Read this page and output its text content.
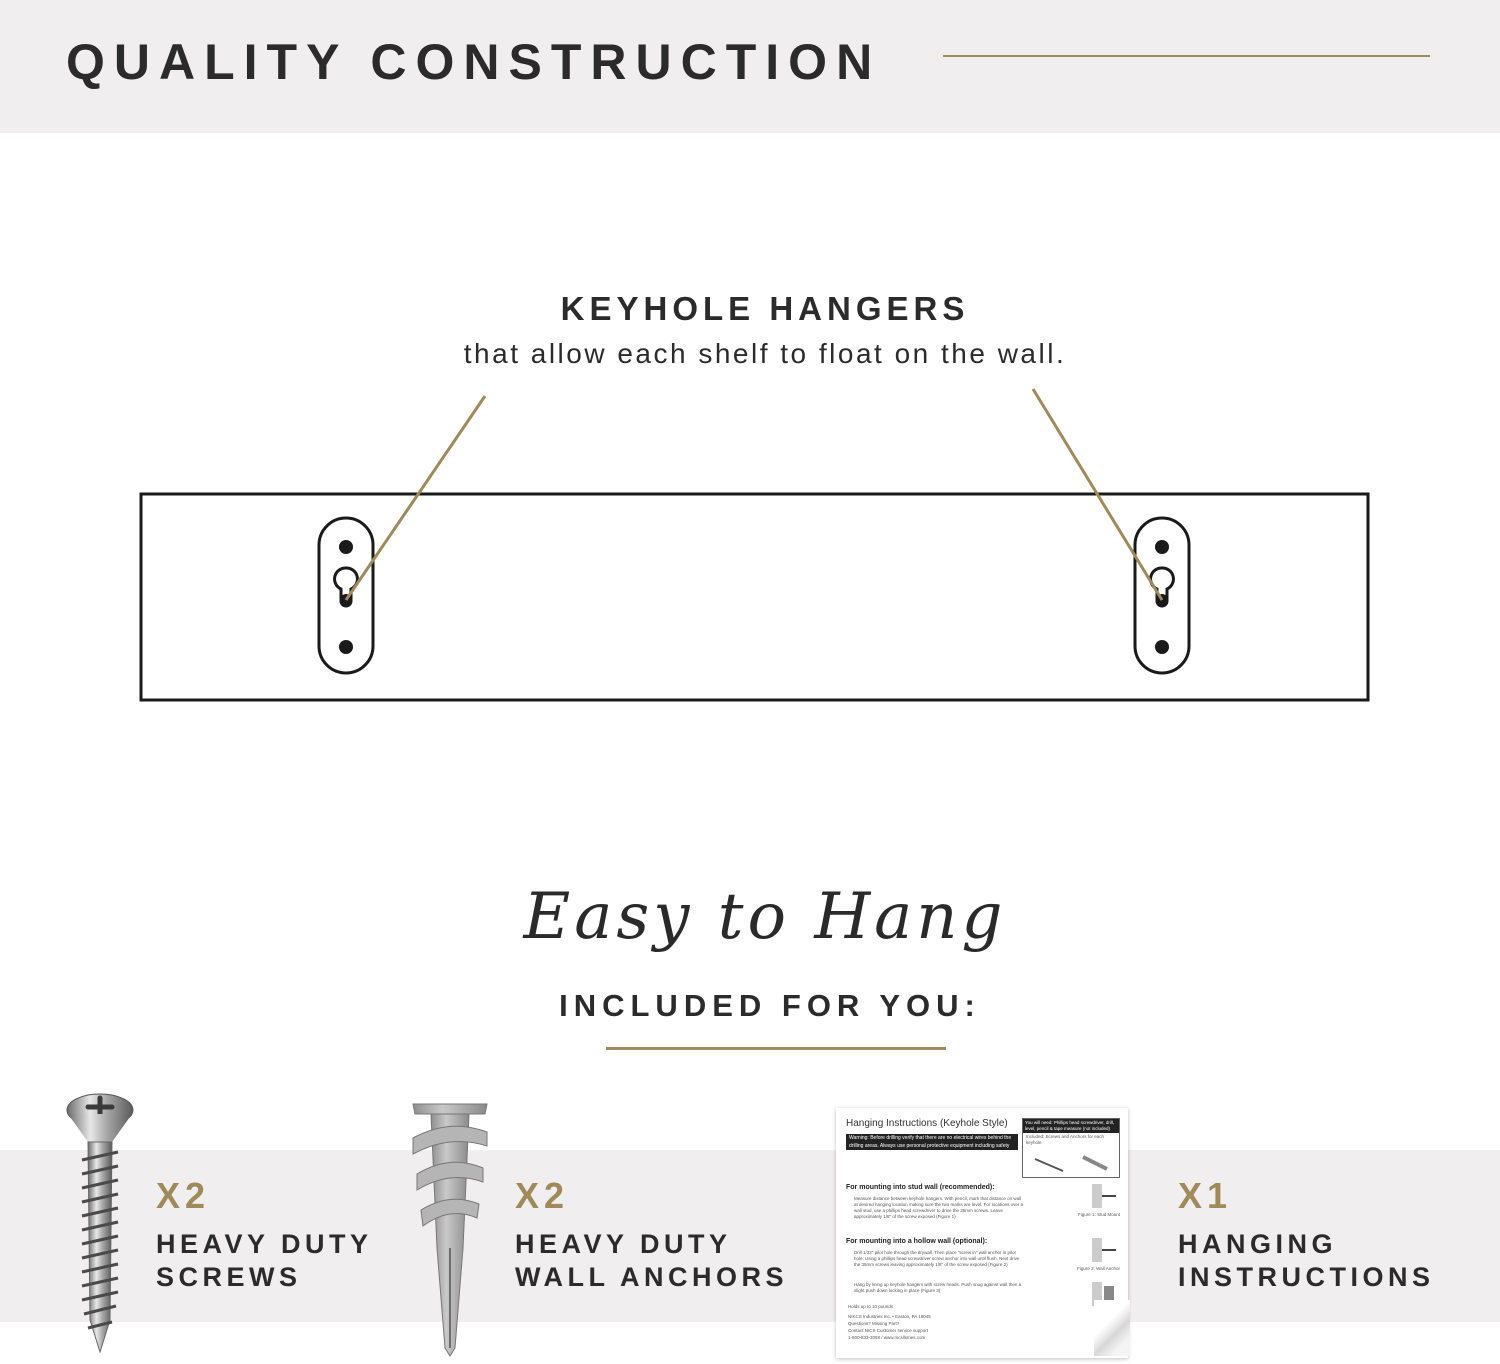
QUALITY CONSTRUCTION
KEYHOLE HANGERS
that allow each shelf to float on the wall.
Easy to Hang
INCLUDED FOR YOU:
Hanging Instructions (Keyhole Style)
Warning: Before drilling verify that there are no electrical wires behind the drilling areas. Always use personal protective equipment including safety glasses.
You will need: Phillips head screwdriver, drill, level, pencil & tape measure (not included)
Included: Screws and Anchors for each keyhole
For mounting into stud wall (recommended):
Measure distance between keyhole hangers. With pencil, mark that distance on wall at desired hanging location making sure the two marks are level. For locations over a wall stud, use a phillips head screwdriver to drive the 35mm screws. Leave approximately 1/8" of the screw exposed (Figure 1)
For mounting into a hollow wall (optional):
Drill 1/32" pilot hole through the drywall. Then place "screw in" wall anchor in pilot hole. Using a phillips head screwdriver screw anchor into wall until flush. Next drive the 35mm screws leaving approximately 1/8" of the screw exposed (Figure 2)
Hang by lining up keyhole hangers with screw heads. Push snug against wall then a slight push down locking in place (Figure 3)
Holds up to 10 pounds
NIKCS Industries Inc. • Easton, PA 18045
Questions? Missing Part?
Contact NICS Customer service support
1-800-833-3058 / www.mcsllsmes.com
Figure 1: Stud Mount
Figure 2: Wall Anchor
X2
HEAVY DUTY
SCREWS
X2
HEAVY DUTY
WALL ANCHORS
X1
HANGING
INSTRUCTIONS
